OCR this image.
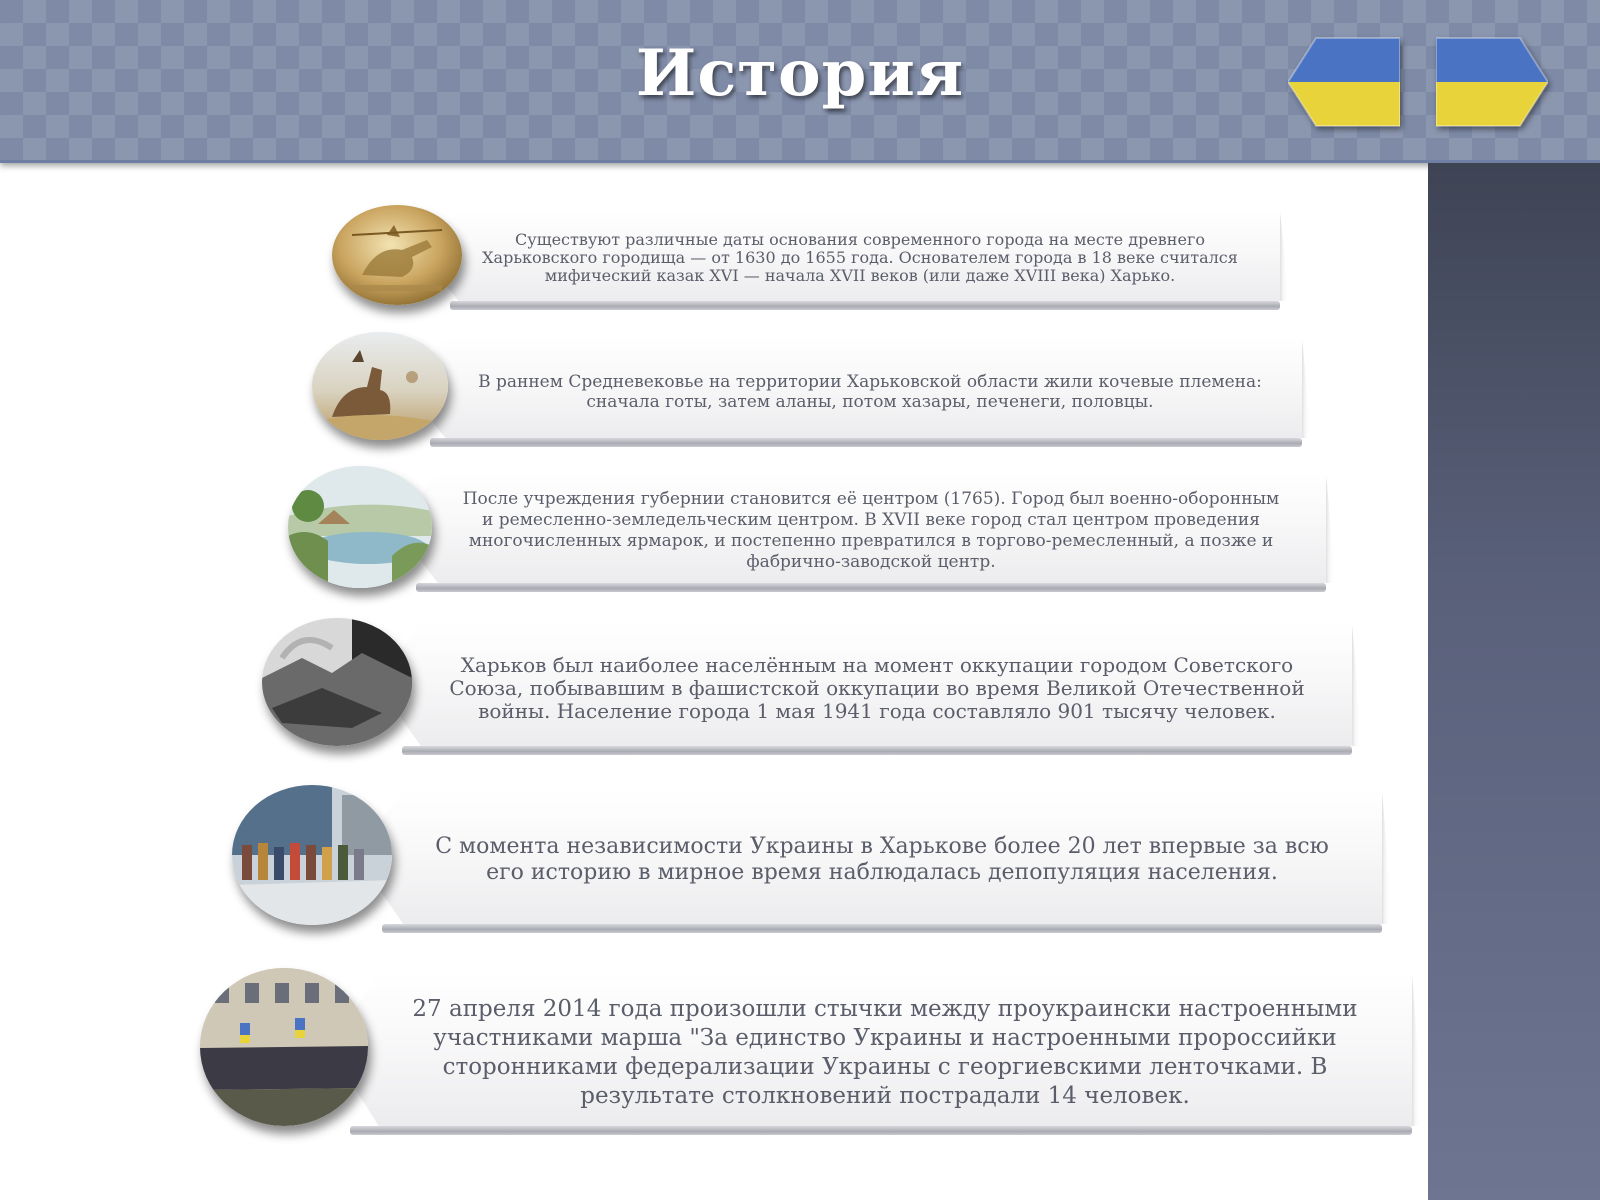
История

Существуют различные даты основания современного города на месте древнего Харьковского городища — от 1630 до 1655 года. Основателем города в 18 веке считался мифический казак XVI — начала XVII веков (или даже XVIII века) Харько.

В раннем Средневековье на территории Харьковской области жили кочевые племена: сначала готы, затем аланы, потом хазары, печенеги, половцы.

После учреждения губернии становится её центром (1765). Город был военно-оборонным и ремесленно-земледельческим центром. В XVII веке город стал центром проведения многочисленных ярмарок, и постепенно превратился в торгово-ремесленный, а позже и фабрично-заводской центр.

Харьков был наиболее населённым на момент оккупации городом Советского Союза, побывавшим в фашистской оккупации во время Великой Отечественной войны. Население города 1 мая 1941 года составляло 901 тысячу человек.

С момента независимости Украины в Харькове более 20 лет впервые за всю его историю в мирное время наблюдалась депопуляция населения.

27 апреля 2014 года произошли стычки между проукраински настроенными участниками марша "За единство Украины и настроенными пророссийки сторонниками федерализации Украины с георгиевскими ленточками. В результате столкновений пострадали 14 человек.
